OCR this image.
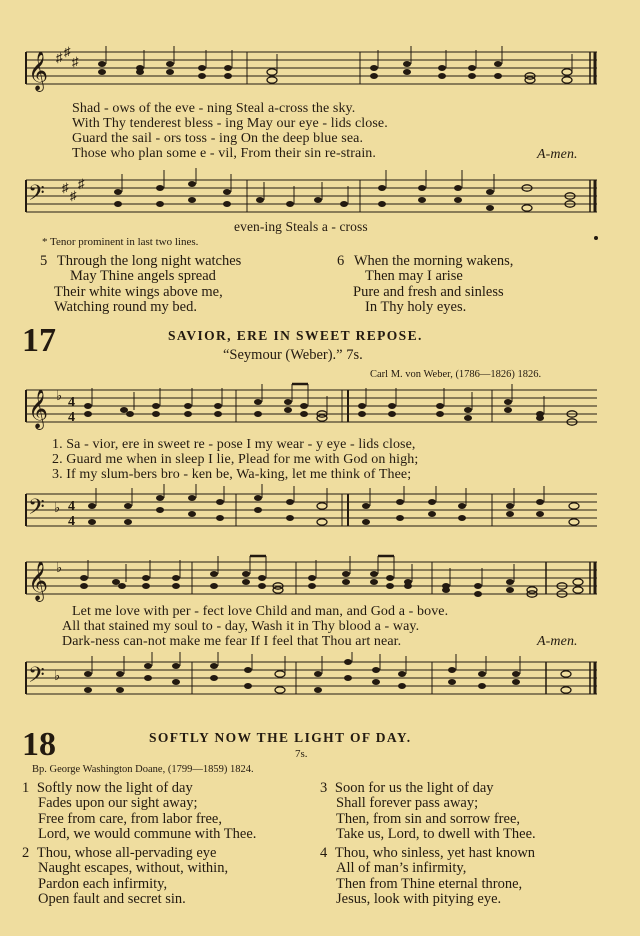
𝄞 ♯ ♯
♯
Shad - ows of the eve - ning Steal a-cross the sky.
With Thy tenderest bless - ing May our eye - lids close.
Guard the sail - ors toss - ing On the deep blue sea.
Those who plan some e - vil, From their sin re-strain.	A-men.
𝄢 ♯
♯
♯
even-ing Steals a - cross
* Tenor prominent in last two lines.
5 Through the long night watches
May Thine angels spread
Their white wings above me,
Watching round my bed.
6 When the morning wakens,
Then may I arise
Pure and fresh and sinless
In Thy holy eyes.
17	SAVIOR, ERE IN SWEET REPOSE.
“Seymour (Weber).” 7s.
Carl M. von Weber, (1786—1826) 1826.
𝄞 ♭ 4
4
1. Sa - vior, ere in sweet re - pose I my wear - y eye - lids close,
2. Guard me when in sleep I lie, Plead for me with God on high;
3. If my slum-bers bro - ken be, Wa-king, let me think of Thee;
𝄢 ♭ 4
4
𝄞 ♭
Let me love with per - fect love Child and man, and God a - bove.
All that stained my soul to - day, Wash it in Thy blood a - way.
Dark-ness can-not make me fear If I feel that Thou art near.	A-men.
𝄢 ♭
18	SOFTLY NOW THE LIGHT OF DAY.
7s.
Bp. George Washington Doane, (1799—1859) 1824.
1 Softly now the light of day
Fades upon our sight away;
Free from care, from labor free,
Lord, we would commune with Thee.
2 Thou, whose all-pervading eye
Naught escapes, without, within,
Pardon each infirmity,
Open fault and secret sin.
3 Soon for us the light of day
Shall forever pass away;
Then, from sin and sorrow free,
Take us, Lord, to dwell with Thee.
4 Thou, who sinless, yet hast known
All of man’s infirmity,
Then from Thine eternal throne,
Jesus, look with pitying eye.
